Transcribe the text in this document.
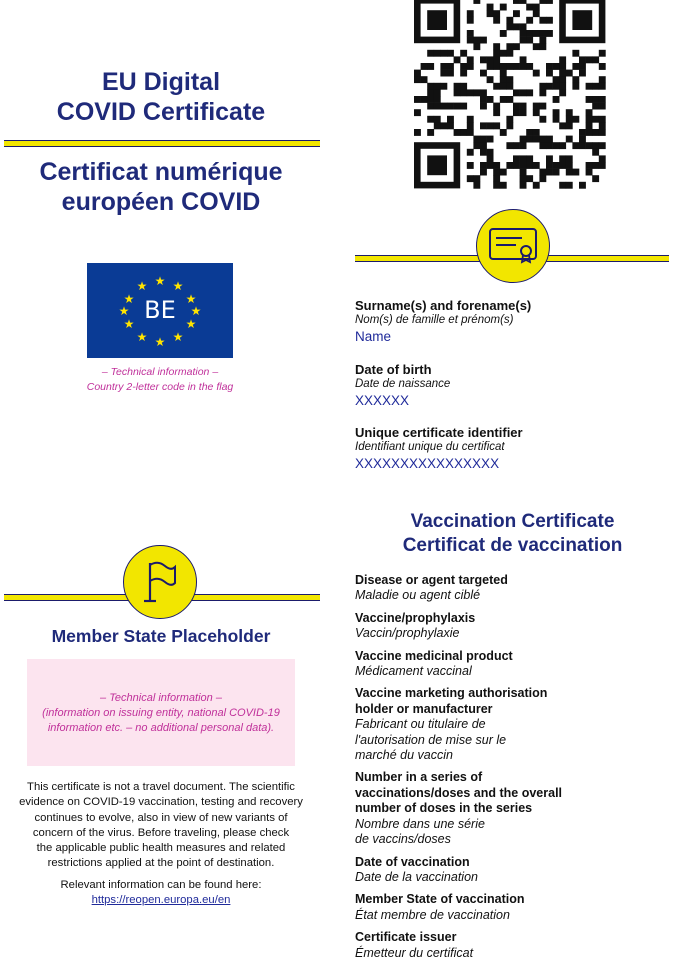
EU Digital
COVID Certificate
Certificat numérique
européen COVID
★ ★
★
★
★
★
★
★
★
★
★
★
BE
– Technical information –
Country 2-letter code in the flag
Member State Placeholder
– Technical information –
(information on issuing entity, national COVID-19
information etc. – no additional personal data).
This certificate is not a travel document. The scientific
evidence on COVID-19 vaccination, testing and recovery
continues to evolve, also in view of new variants of
concern of the virus. Before traveling, please check
the applicable public health measures and related
restrictions applied at the point of destination.
Relevant information can be found here:
https://reopen.europa.eu/en
Surname(s) and forename(s)
Nom(s) de famille et prénom(s)
Name
Date of birth
Date de naissance
XXXXXX
Unique certificate identifier
Identifiant unique du certificat
XXXXXXXXXXXXXXXX
Vaccination Certificate
Certificat de vaccination
Disease or agent targeted
Maladie ou agent ciblé
Vaccine/prophylaxis
Vaccin/prophylaxie
Vaccine medicinal product
Médicament vaccinal
Vaccine marketing authorisation
holder or manufacturer
Fabricant ou titulaire de
l'autorisation de mise sur le
marché du vaccin
Number in a series of
vaccinations/doses and the overall
number of doses in the series
Nombre dans une série
de vaccins/doses
Date of vaccination
Date de la vaccination
Member State of vaccination
État membre de vaccination
Certificate issuer
Émetteur du certificat
